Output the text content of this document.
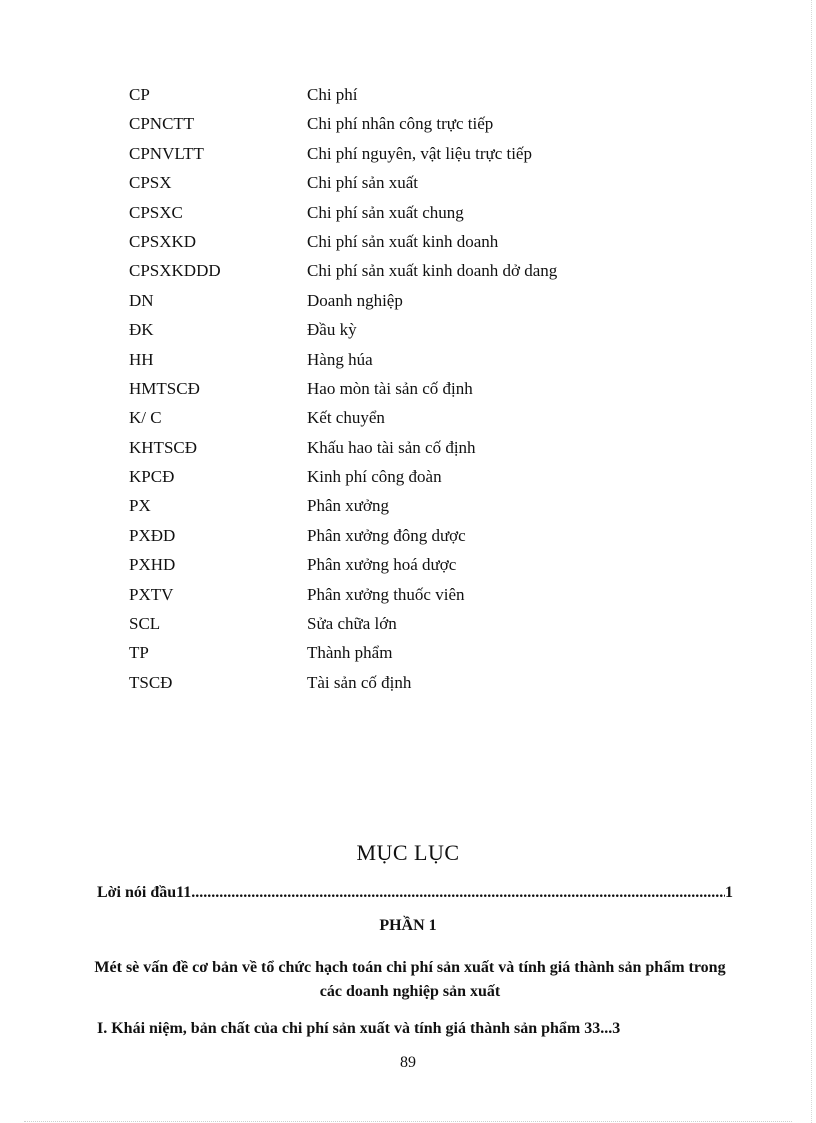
CP	Chi phí
CPNCTT	Chi phí nhân công trực tiếp
CPNVLTT	Chi phí nguyên, vật liệu trực tiếp
CPSX	Chi phí sản xuất
CPSXC	Chi phí sản xuất chung
CPSXKD	Chi phí sản xuất kinh doanh
CPSXKDDD	Chi phí sản xuất kinh doanh dở dang
DN	Doanh nghiệp
ĐK	Đầu kỳ
HH	Hàng húa
HMTSCĐ	Hao mòn tài sản cố định
K/ C	Kết chuyển
KHTSCĐ	Khấu hao tài sản cố định
KPCĐ	Kinh phí công đoàn
PX	Phân xưởng
PXĐD	Phân xưởng đông dược
PXHD	Phân xưởng hoá dược
PXTV	Phân xưởng thuốc viên
SCL	Sửa chữa lớn
TP	Thành phẩm
TSCĐ	Tài sản cố định
MỤC LỤC
Lời nói đầu11
.....	1
PHẦN 1
Mét sè vấn đề cơ bản về tổ chức hạch toán chi phí sản xuất và tính giá thành sản phẩm trong các doanh nghiệp sản xuất
I. Khái niệm, bản chất của chi phí sản xuất và tính giá thành sản phẩm 33...3
89
